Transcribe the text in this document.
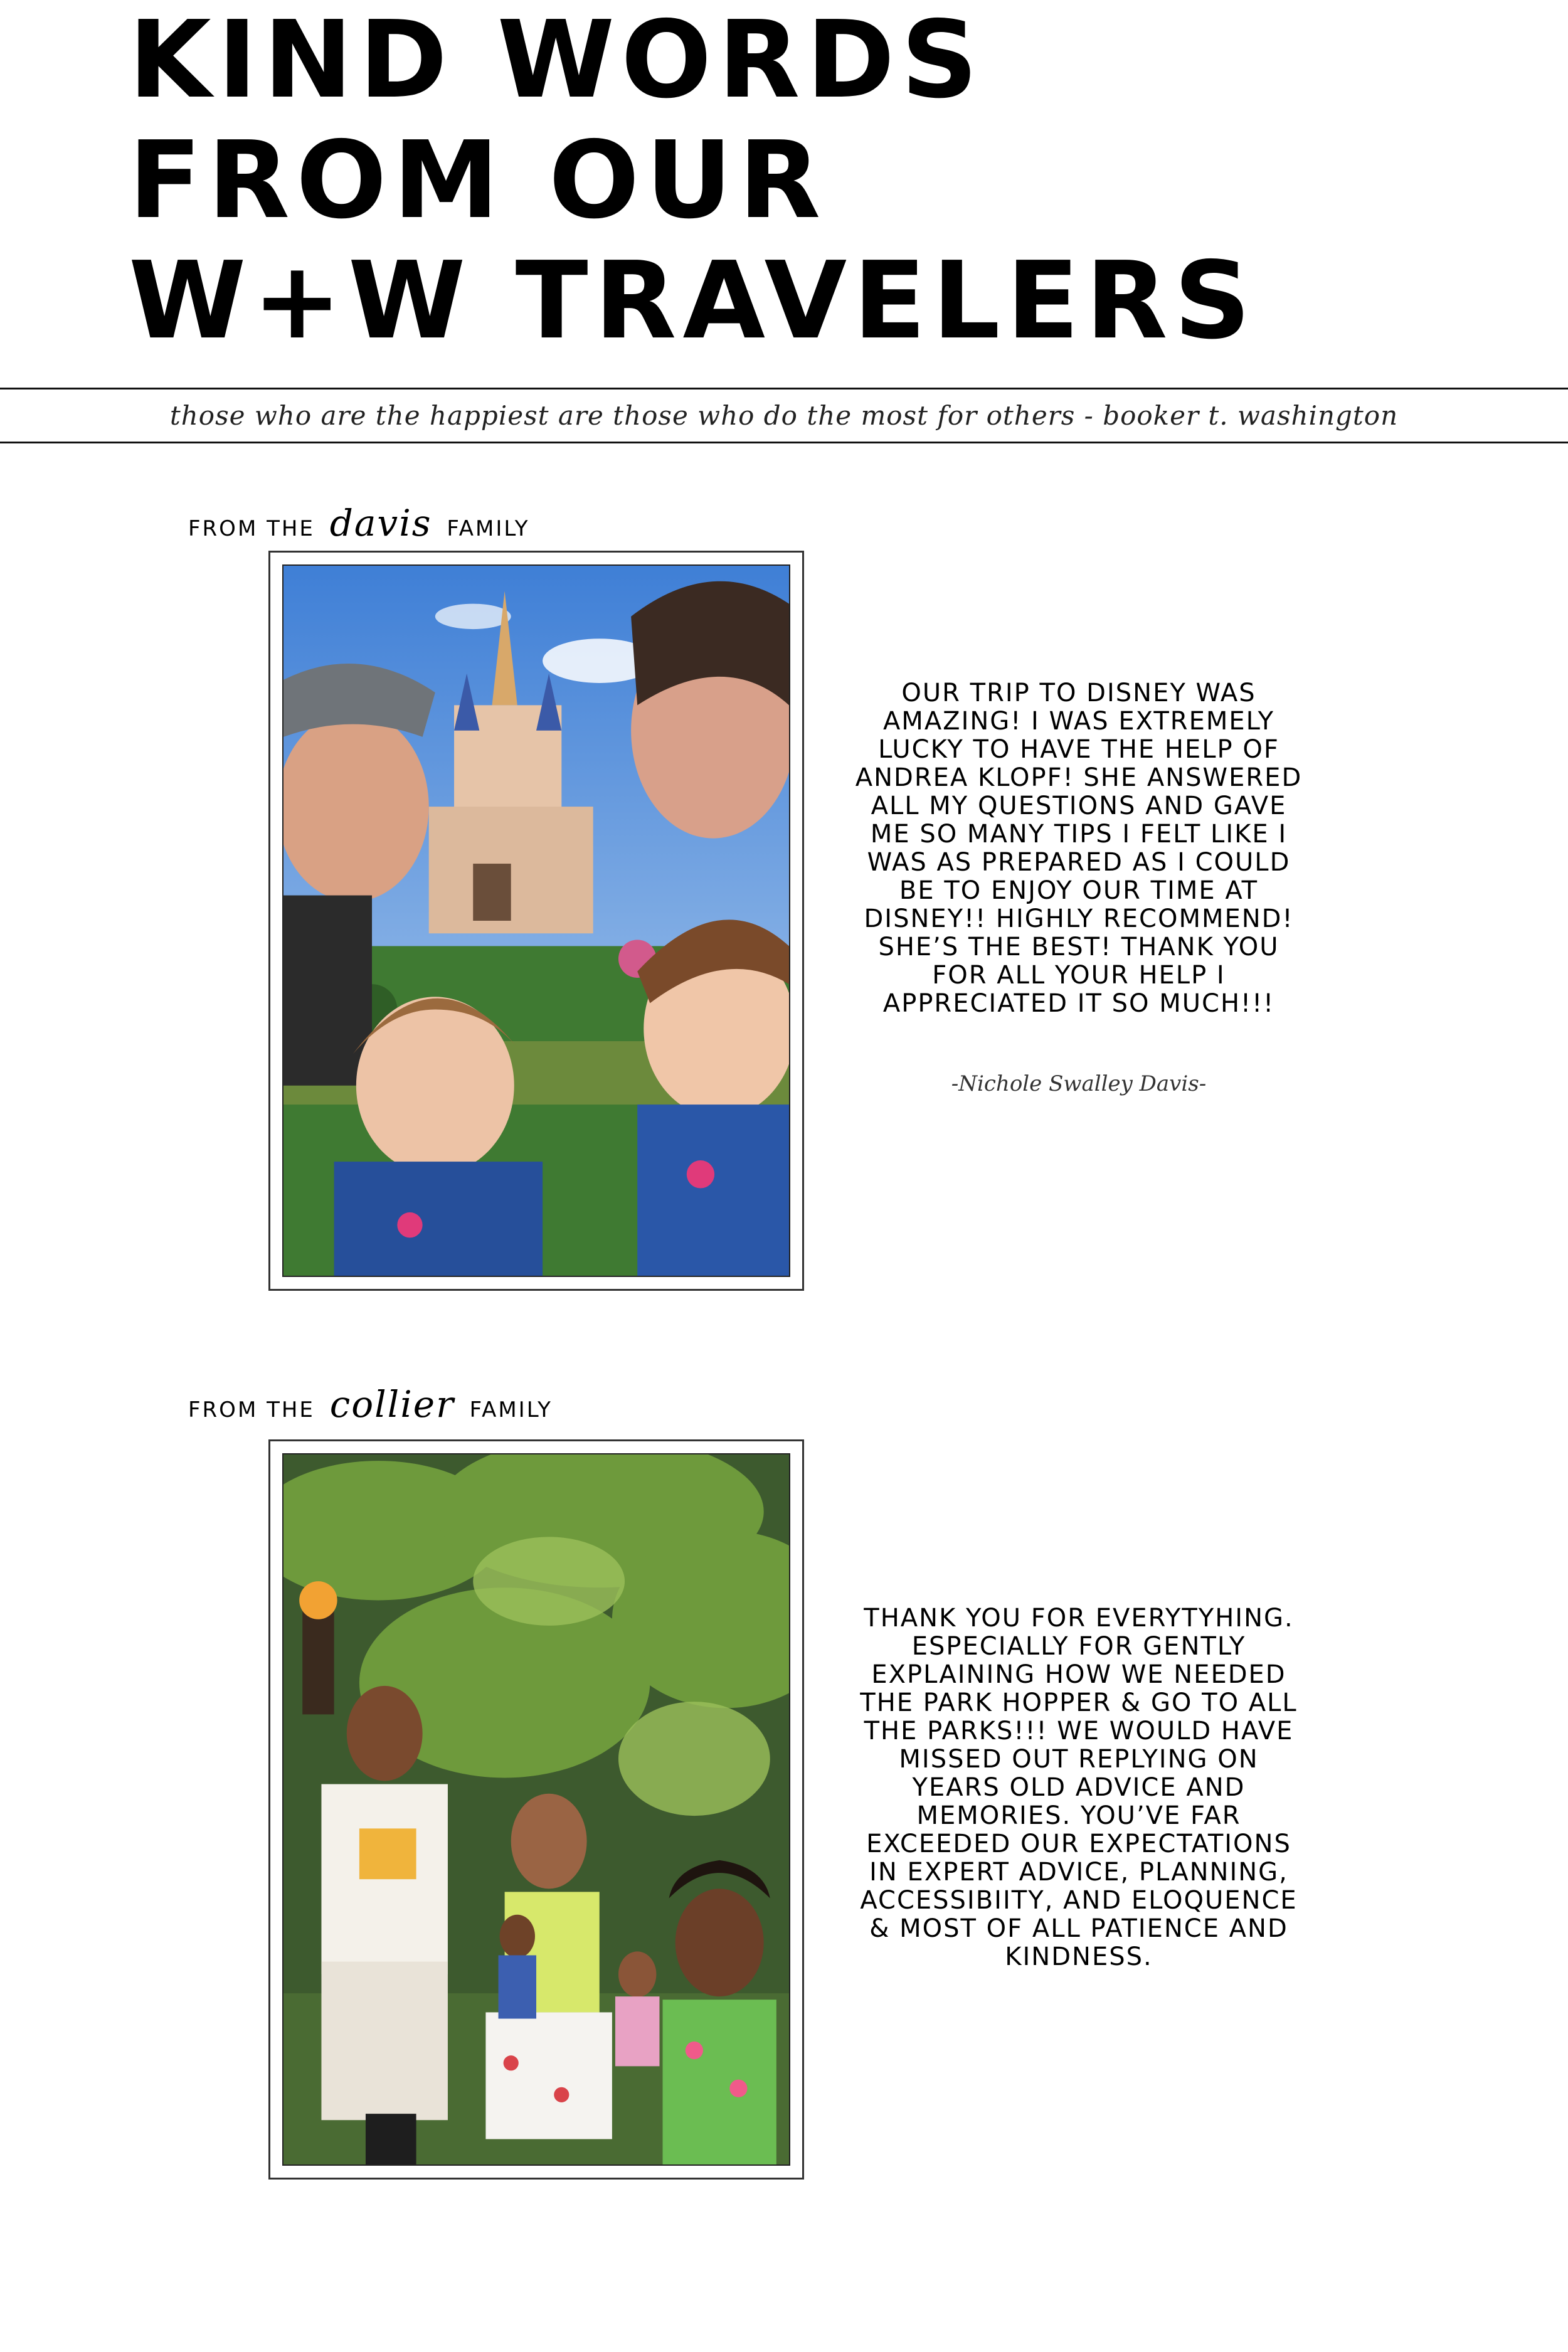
KIND WORDS
FROM OUR
W+W TRAVELERS
those who are the happiest are those who do the most for others - booker t. washington
FROM THE davis FAMILY

OUR TRIP TO DISNEY WAS AMAZING! I WAS EXTREMELY LUCKY TO HAVE THE HELP OF ANDREA KLOPF! SHE ANSWERED ALL MY QUESTIONS AND GAVE ME SO MANY TIPS I FELT LIKE I WAS AS PREPARED AS I COULD BE TO ENJOY OUR TIME AT DISNEY!! HIGHLY RECOMMEND! SHE’S THE BEST! THANK YOU FOR ALL YOUR HELP I APPRECIATED IT SO MUCH!!!

-Nichole Swalley Davis-
FROM THE collier FAMILY

THANK YOU FOR EVERYTYHING. ESPECIALLY FOR GENTLY EXPLAINING HOW WE NEEDED THE PARK HOPPER & GO TO ALL THE PARKS!!! WE WOULD HAVE MISSED OUT REPLYING ON YEARS OLD ADVICE AND MEMORIES. YOU’VE FAR EXCEEDED OUR EXPECTATIONS IN EXPERT ADVICE, PLANNING, ACCESSIBIITY, AND ELOQUENCE & MOST OF ALL PATIENCE AND KINDNESS.
